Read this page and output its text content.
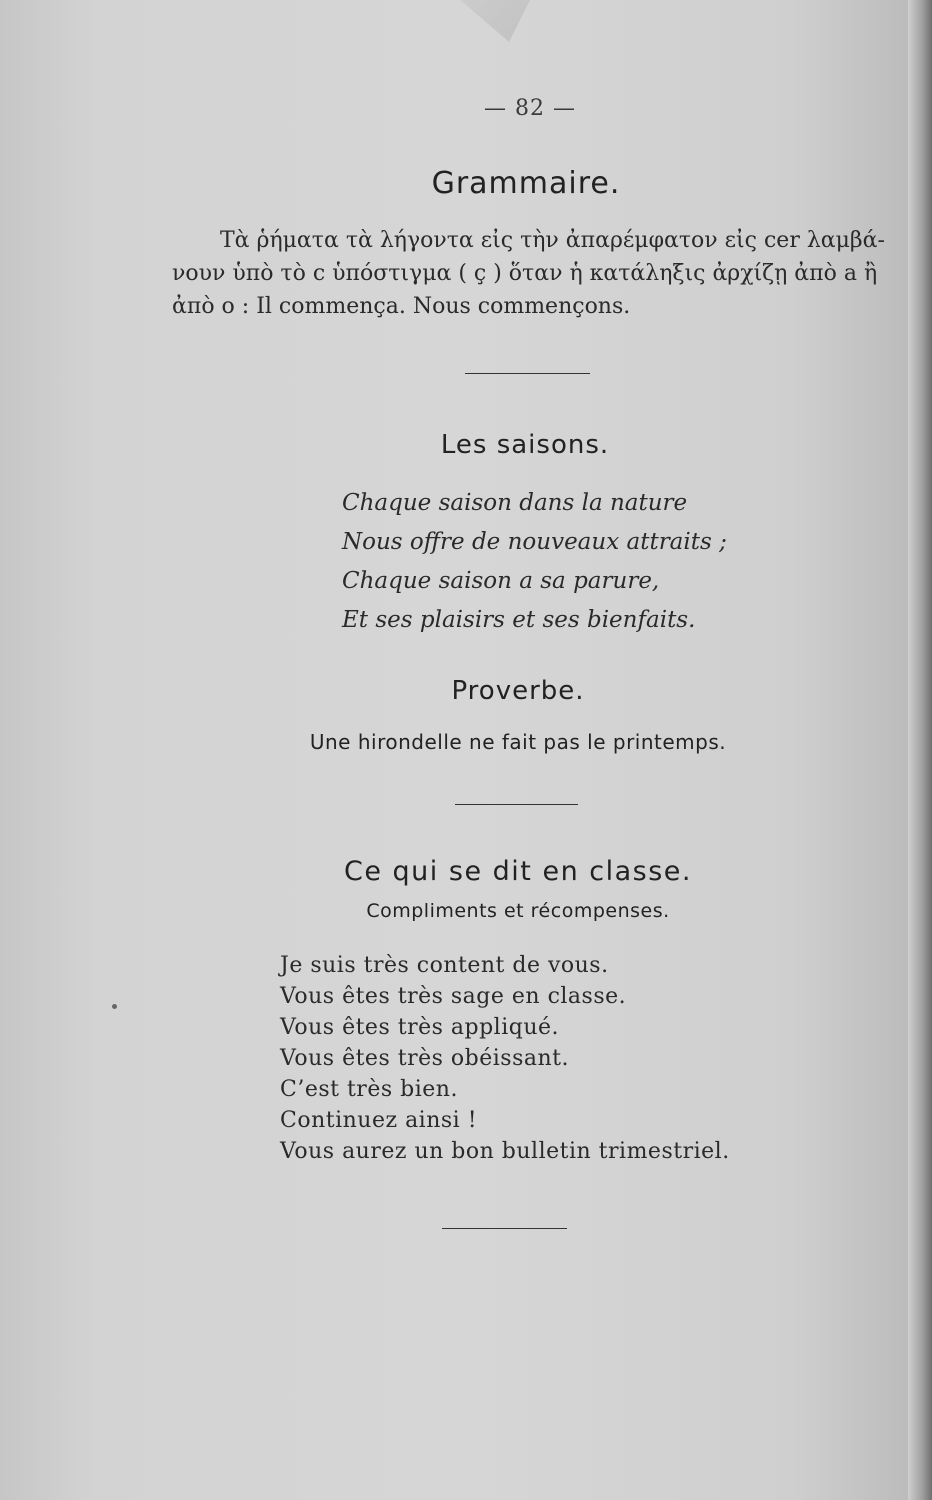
— 82 —
Grammaire.

Τὰ ῥήματα τὰ λήγοντα εἰς τὴν ἀπαρέμφατον εἰς cer λαμβά-

νουν ὑπὸ τὸ c ὑπόστιγμα ( ç ) ὅταν ἡ κατάληξις ἀρχίζῃ ἀπὸ a ἢ

ἀπὸ o : Il commença. Nous commençons.

Les saisons.

Chaque saison dans la nature

Nous offre de nouveaux attraits ;

Chaque saison a sa parure,

Et ses plaisirs et ses bienfaits.

Proverbe.
Une hirondelle ne fait pas le printemps.
Ce qui se dit en classe.
Compliments et récompenses.

Je suis très content de vous.

Vous êtes très sage en classe.

Vous êtes très appliqué.

Vous êtes très obéissant.

C’est très bien.

Continuez ainsi !

Vous aurez un bon bulletin trimestriel.
